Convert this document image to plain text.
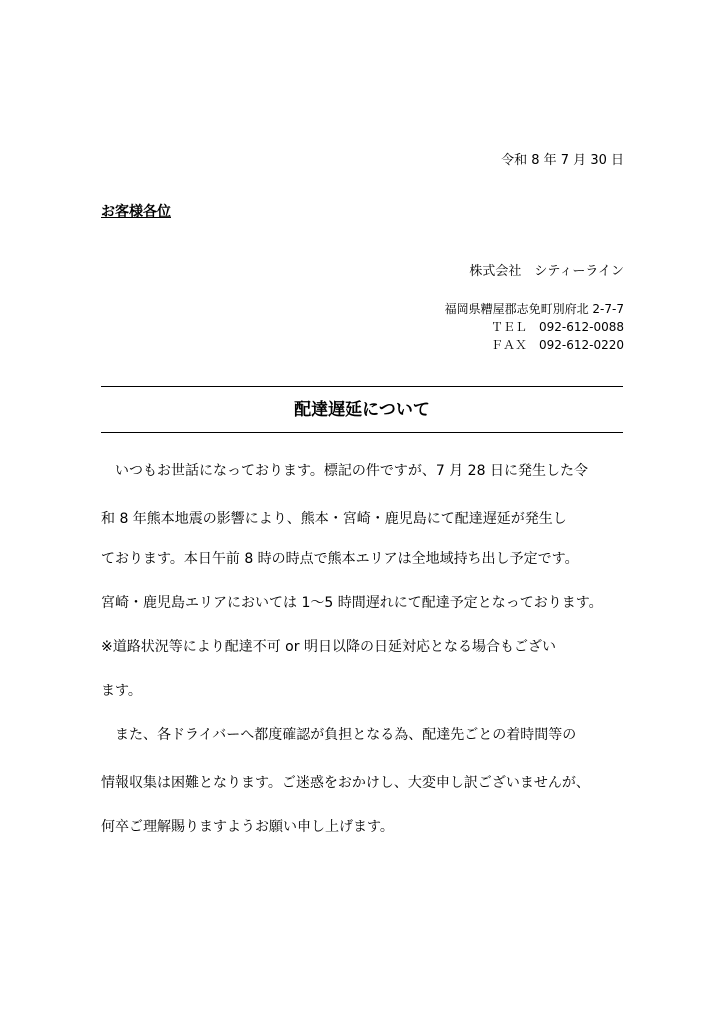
令和 8 年 7 月 30 日
お客様各位
株式会社　シティーライン
福岡県糟屋郡志免町別府北 2-7-7
ＴＥＬ　092-612-0088
ＦＡＸ　092-612-0220
配達遅延について
　いつもお世話になっております。標記の件ですが、7 月 28 日に発生した令
和 8 年熊本地震の影響により、熊本・宮崎・鹿児島にて配達遅延が発生し
ております。本日午前 8 時の時点で熊本エリアは全地域持ち出し予定です。
宮崎・鹿児島エリアにおいては 1～5 時間遅れにて配達予定となっております。
※道路状況等により配達不可 or 明日以降の日延対応となる場合もござい
ます。
　また、各ドライバーへ都度確認が負担となる為、配達先ごとの着時間等の
情報収集は困難となります。ご迷惑をおかけし、大変申し訳ございませんが、
何卒ご理解賜りますようお願い申し上げます。
